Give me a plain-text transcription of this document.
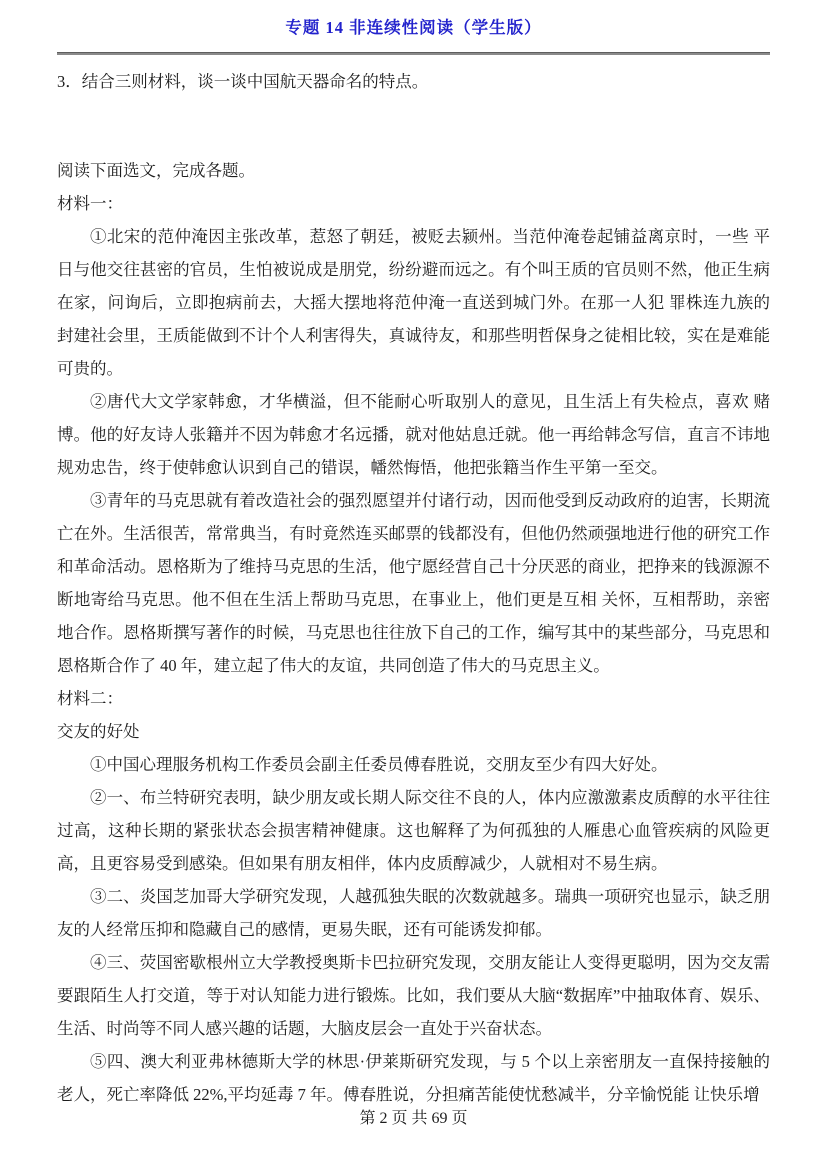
专题 14 非连续性阅读（学生版）

3．结合三则材料，谈一谈中国航天器命名的特点。

阅读下面选文，完成各题。

材料一：

①北宋的范仲淹因主张改革，惹怒了朝廷，被贬去颍州。当范仲淹卷起铺益离京时，一些 平日与他交往甚密的官员，生怕被说成是朋党，纷纷避而远之。有个叫王质的官员则不然，他正生病在家，问询后，立即抱病前去，大摇大摆地将范仲淹一直送到城门外。在那一人犯 罪株连九族的封建社会里，王质能做到不计个人利害得失，真诚待友，和那些明哲保身之徒相比较，实在是难能可贵的。

②唐代大文学家韩愈，才华横溢，但不能耐心听取别人的意见，且生活上有失检点，喜欢 赌博。他的好友诗人张籍并不因为韩愈才名远播，就对他姑息迁就。他一再给韩念写信，直言不讳地规劝忠告，终于使韩愈认识到自己的错误，幡然悔悟，他把张籍当作生平第一至交。

③青年的马克思就有着改造社会的强烈愿望并付诸行动，因而他受到反动政府的迫害，长期流亡在外。生活很苦，常常典当，有时竟然连买邮票的钱都没有，但他仍然顽强地进行他的研究工作和革命活动。恩格斯为了维持马克思的生活，他宁愿经营自己十分厌恶的商业，把挣来的钱源源不断地寄给马克思。他不但在生活上帮助马克思，在事业上，他们更是互相 关怀，互相帮助，亲密地合作。恩格斯撰写著作的时候，马克思也往往放下自己的工作，编写其中的某些部分，马克思和恩格斯合作了 40 年，建立起了伟大的友谊，共同创造了伟大的马克思主义。

材料二：

交友的好处

①中国心理服务机构工作委员会副主任委员傅春胜说，交朋友至少有四大好处。

②一、布兰特研究表明，缺少朋友或长期人际交往不良的人，体内应激激素皮质醇的水平往往过高，这种长期的紧张状态会损害精神健康。这也解释了为何孤独的人雁患心血管疾病的风险更高，且更容易受到感染。但如果有朋友相伴，体内皮质醇减少，人就相对不易生病。

③二、炎国芝加哥大学研究发现，人越孤独失眠的次数就越多。瑞典一项研究也显示，缺乏朋友的人经常压抑和隐藏自己的感情，更易失眠，还有可能诱发抑郁。

④三、荧国密歇根州立大学教授奥斯卡巴拉研究发现，交朋友能让人变得更聪明，因为交友需要跟陌生人打交道，等于对认知能力进行锻炼。比如，我们要从大脑“数据库”中抽取体育、娱乐、生活、时尚等不同人感兴趣的话题，大脑皮层会一直处于兴奋状态。

⑤四、澳大利亚弗林德斯大学的林思·伊莱斯研究发现，与 5 个以上亲密朋友一直保持接触的老人，死亡率降低 22%,平均延毒 7 年。傅春胜说，分担痛苦能使忧愁减半，分辛愉悦能 让快乐增

第 2 页 共 69 页
